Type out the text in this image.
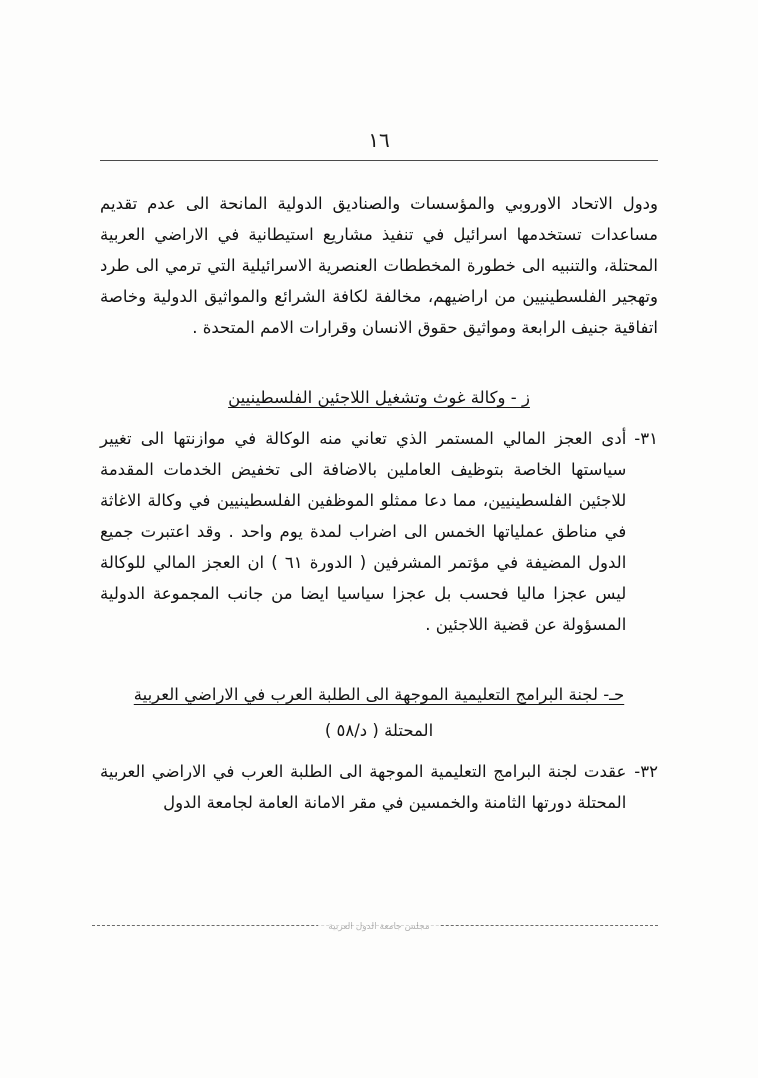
١٦

ودول الاتحاد الاوروبي والمؤسسات والصناديق الدولية المانحة الى عدم تقديم مساعدات تستخدمها اسرائيل في تنفيذ مشاريع استيطانية في الاراضي العربية المحتلة، والتنبيه الى خطورة المخططات العنصرية الاسرائيلية التي ترمي الى طرد وتهجير الفلسطينيين من اراضيهم، مخالفة لكافة الشرائع والمواثيق الدولية وخاصة اتفاقية جنيف الرابعة ومواثيق حقوق الانسان وقرارات الامم المتحدة .

ز - وكالة غوث وتشغيل اللاجئين الفلسطينيين
٣١-

أدى العجز المالي المستمر الذي تعاني منه الوكالة في موازنتها الى تغيير سياستها الخاصة بتوظيف العاملين بالاضافة الى تخفيض الخدمات المقدمة للاجئين الفلسطينيين، مما دعا ممثلو الموظفين الفلسطينيين في وكالة الاغاثة في مناطق عملياتها الخمس الى اضراب لمدة يوم واحد . وقد اعتبرت جميع الدول المضيفة في مؤتمر المشرفين ( الدورة ٦١ ) ان العجز المالي للوكالة ليس عجزا ماليا فحسب بل عجزا سياسيا ايضا من جانب المجموعة الدولية المسؤولة عن قضية اللاجئين .

حـ- لجنة البرامج التعليمية الموجهة الى الطلبة العرب في الاراضي العربية
المحتلة ( د/٥٨ )
٣٢-

عقدت لجنة البرامج التعليمية الموجهة الى الطلبة العرب في الاراضي العربية المحتلة دورتها الثامنة والخمسين في مقر الامانة العامة لجامعة الدول

مجلس جامعة الدول العربية
